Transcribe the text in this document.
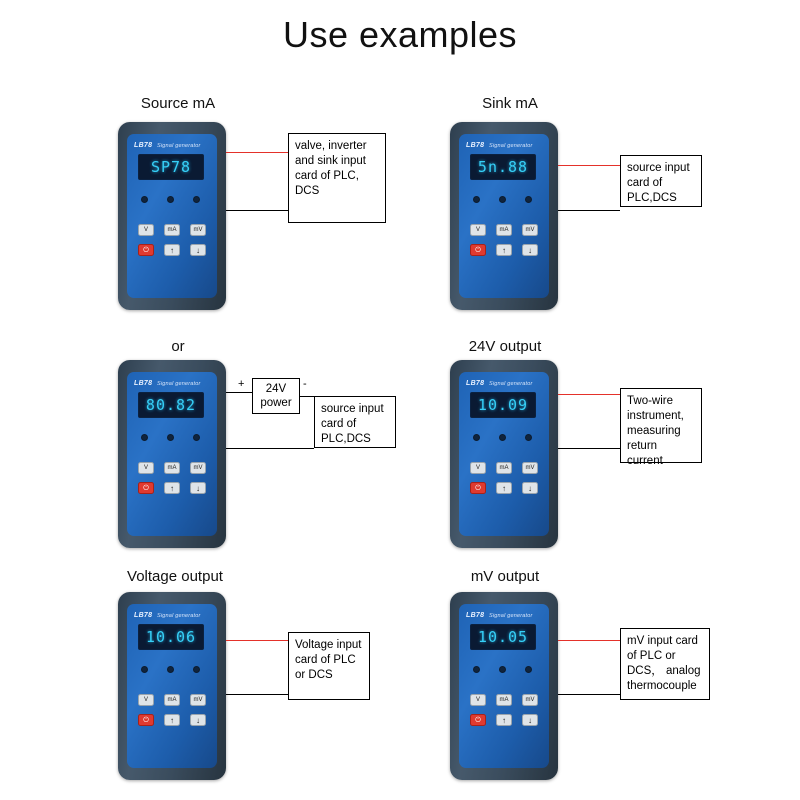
Use examples
Source mA
LB78 Signal generator
SP78
V	mA	mV
⏻	↑	↓
valve, inverter and sink input card of PLC, DCS
Sink mA
LB78 Signal generator
5n.88
V	mA	mV
⏻	↑	↓
source input card of PLC,DCS
or
LB78 Signal generator
80.82
V	mA	mV
⏻	↑	↓
+	24V power
-
source input card of PLC,DCS
24V output
LB78 Signal generator
10.09
V	mA	mV
⏻	↑	↓
Two-wire instrument, measuring return current
Voltage output
LB78 Signal generator
10.06
V	mA	mV
⏻	↑	↓
Voltage input card of PLC or DCS
mV output
LB78 Signal generator
10.05
V	mA	mV
⏻	↑	↓
mV input card of PLC or DCS， analog thermocouple
